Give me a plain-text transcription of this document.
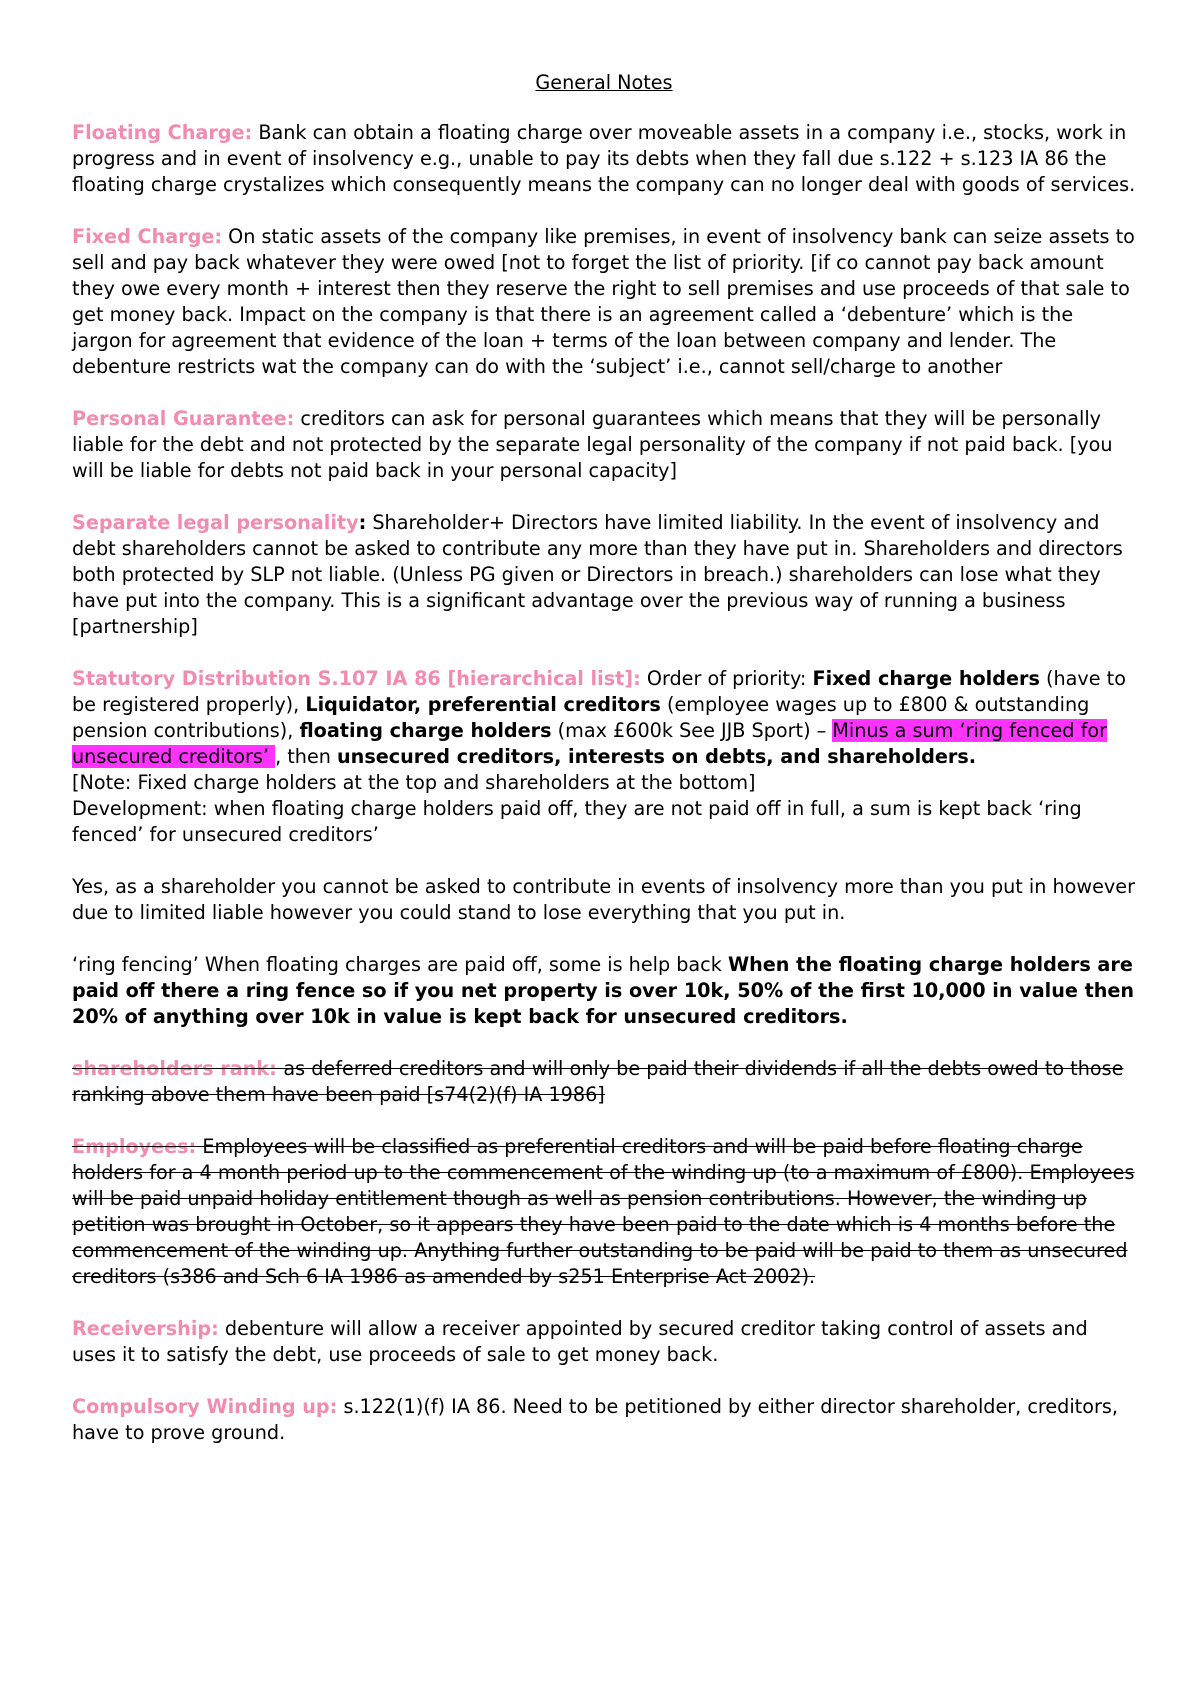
General Notes

Floating Charge: Bank can obtain a floating charge over moveable assets in a company i.e., stocks, work in progress and in event of insolvency e.g., unable to pay its debts when they fall due s.122 + s.123 IA 86 the floating charge crystalizes which consequently means the company can no longer deal with goods of services.

Fixed Charge: On static assets of the company like premises, in event of insolvency bank can seize assets to sell and pay back whatever they were owed [not to forget the list of priority. [if co cannot pay back amount they owe every month + interest then they reserve the right to sell premises and use proceeds of that sale to get money back. Impact on the company is that there is an agreement called a ‘debenture’ which is the jargon for agreement that evidence of the loan + terms of the loan between company and lender. The debenture restricts wat the company can do with the ‘subject’ i.e., cannot sell/charge to another

Personal Guarantee: creditors can ask for personal guarantees which means that they will be personally liable for the debt and not protected by the separate legal personality of the company if not paid back. [you will be liable for debts not paid back in your personal capacity]

Separate legal personality: Shareholder+ Directors have limited liability. In the event of insolvency and debt shareholders cannot be asked to contribute any more than they have put in. Shareholders and directors both protected by SLP not liable. (Unless PG given or Directors in breach.) shareholders can lose what they have put into the company. This is a significant advantage over the previous way of running a business [partnership]

Statutory Distribution S.107 IA 86 [hierarchical list]: Order of priority: Fixed charge holders (have to be registered properly), Liquidator, preferential creditors (employee wages up to £800 & outstanding pension contributions), floating charge holders (max £600k See JJB Sport) – Minus a sum ‘ring fenced for unsecured creditors’ , then unsecured creditors, interests on debts, and shareholders.
[Note: Fixed charge holders at the top and shareholders at the bottom]
Development: when floating charge holders paid off, they are not paid off in full, a sum is kept back ‘ring fenced’ for unsecured creditors’

Yes, as a shareholder you cannot be asked to contribute in events of insolvency more than you put in however due to limited liable however you could stand to lose everything that you put in.

‘ring fencing’ When floating charges are paid off, some is help back When the floating charge holders are paid off there a ring fence so if you net property is over 10k, 50% of the first 10,000 in value then 20% of anything over 10k in value is kept back for unsecured creditors.

shareholders rank: as deferred creditors and will only be paid their dividends if all the debts owed to those ranking above them have been paid [s74(2)(f) IA 1986]

Employees: Employees will be classified as preferential creditors and will be paid before floating charge holders for a 4 month period up to the commencement of the winding up (to a maximum of £800). Employees will be paid unpaid holiday entitlement though as well as pension contributions. However, the winding up petition was brought in October, so it appears they have been paid to the date which is 4 months before the commencement of the winding up. Anything further outstanding to be paid will be paid to them as unsecured creditors (s386 and Sch 6 IA 1986 as amended by s251 Enterprise Act 2002).

Receivership: debenture will allow a receiver appointed by secured creditor taking control of assets and uses it to satisfy the debt, use proceeds of sale to get money back.

Compulsory Winding up: s.122(1)(f) IA 86. Need to be petitioned by either director shareholder, creditors, have to prove ground.
